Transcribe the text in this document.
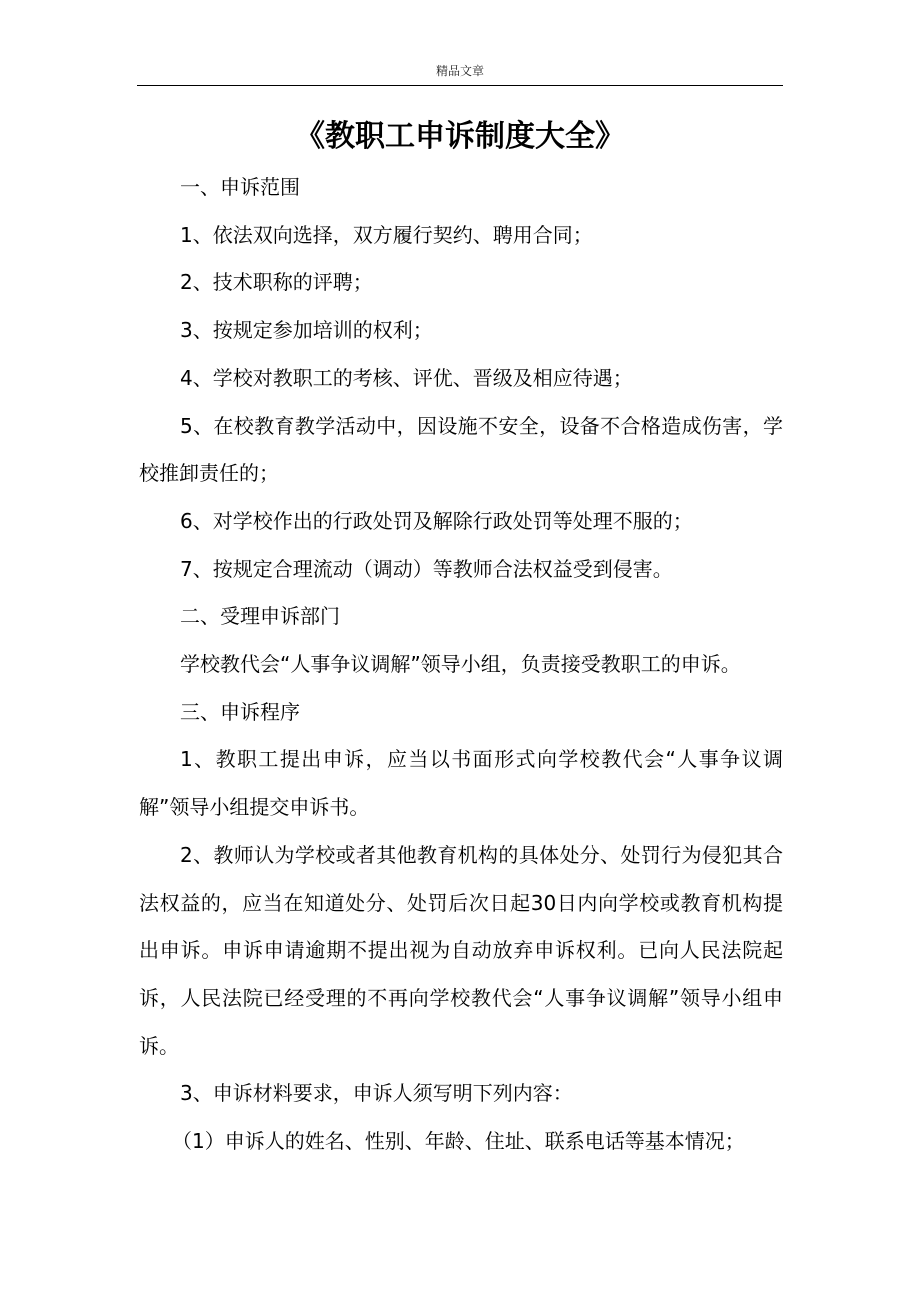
精品文章
《教职工申诉制度大全》

一、申诉范围

1、依法双向选择，双方履行契约、聘用合同；

2、技术职称的评聘；

3、按规定参加培训的权利；

4、学校对教职工的考核、评优、晋级及相应待遇；

5、在校教育教学活动中，因设施不安全，设备不合格造成伤害，学校推卸责任的；

6、对学校作出的行政处罚及解除行政处罚等处理不服的；

7、按规定合理流动（调动）等教师合法权益受到侵害。

二、受理申诉部门

学校教代会“人事争议调解”领导小组，负责接受教职工的申诉。

三、申诉程序

1、教职工提出申诉，应当以书面形式向学校教代会“人事争议调解”领导小组提交申诉书。

2、教师认为学校或者其他教育机构的具体处分、处罚行为侵犯其合法权益的，应当在知道处分、处罚后次日起30日内向学校或教育机构提出申诉。申诉申请逾期不提出视为自动放弃申诉权利。已向人民法院起诉，人民法院已经受理的不再向学校教代会“人事争议调解”领导小组申诉。

3、申诉材料要求，申诉人须写明下列内容：

（1）申诉人的姓名、性别、年龄、住址、联系电话等基本情况；
